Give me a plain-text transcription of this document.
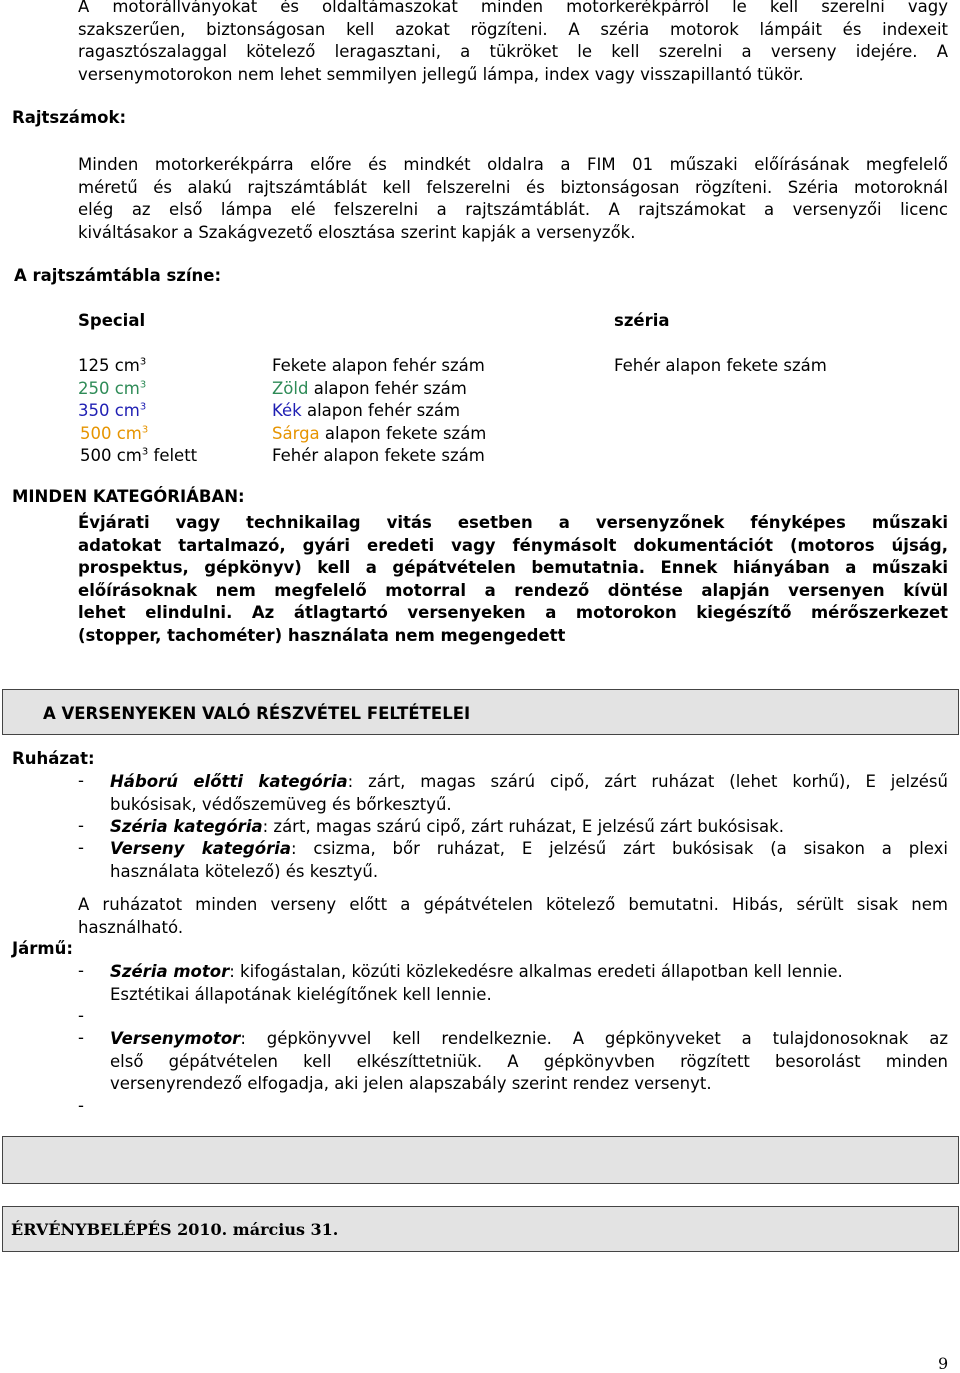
A motorállványokat és oldaltámaszokat minden motorkerékpárról le kell szerelni vagy
szakszerűen, biztonságosan kell azokat rögzíteni. A széria motorok lámpáit és indexeit
ragasztószalaggal kötelező leragasztani, a tükröket le kell szerelni a verseny idejére. A
versenymotorokon nem lehet semmilyen jellegű lámpa, index vagy visszapillantó tükör.
Rajtszámok:
Minden motorkerékpárra előre és mindkét oldalra a FIM 01 műszaki előírásának megfelelő
méretű és alakú rajtszámtáblát kell felszerelni és biztonságosan rögzíteni. Széria motoroknál
elég az első lámpa elé felszerelni a rajtszámtáblát. A rajtszámokat a versenyzői licenc
kiváltásakor a Szakágvezető elosztása szerint kapják a versenyzők.
A rajtszámtábla színe:
Special	széria
125 $cm^3$	Fekete alapon fehér szám	Fehér alapon fekete szám
250 $cm^3$	Zöld alapon fehér szám
350 $cm^3$	Kék alapon fehér szám
500 $cm^3$	Sárga alapon fekete szám
500 $cm^3$ felett	Fehér alapon fekete szám
MINDEN KATEGÓRIÁBAN:
Évjárati vagy technikailag vitás esetben a versenyzőnek fényképes műszaki
adatokat tartalmazó, gyári eredeti vagy fénymásolt dokumentációt (motoros újság,
prospektus, gépkönyv) kell a gépátvételen bemutatnia. Ennek hiányában a műszaki
előírásoknak nem megfelelő motorral a rendező döntése alapján versenyen kívül
lehet elindulni. Az átlagtartó versenyeken a motorokon kiegészítő mérőszerkezet
(stopper, tachométer) használata nem megengedett
A VERSENYEKEN VALÓ RÉSZVÉTEL FELTÉTELEI
Ruházat:
- Háború előtti kategória: zárt, magas szárú cipő, zárt ruházat (lehet korhű), E jelzésű
bukósisak, védőszemüveg és bőrkesztyű.
- Széria kategória: zárt, magas szárú cipő, zárt ruházat, E jelzésű zárt bukósisak.
- Verseny kategória: csizma, bőr ruházat, E jelzésű zárt bukósisak (a sisakon a plexi
használata kötelező) és kesztyű.
A ruházatot minden verseny előtt a gépátvételen kötelező bemutatni. Hibás, sérült sisak nem
használható.
Jármű:
- Széria motor: kifogástalan, közúti közlekedésre alkalmas eredeti állapotban kell lennie.
Esztétikai állapotának kielégítőnek kell lennie.
-
- Versenymotor: gépkönyvvel kell rendelkeznie. A gépkönyveket a tulajdonosoknak az
első gépátvételen kell elkészíttetniük. A gépkönyvben rögzített besorolást minden
versenyrendező elfogadja, aki jelen alapszabály szerint rendez versenyt.
-
ÉRVÉNYBELÉPÉS 2010. március 31.
9
